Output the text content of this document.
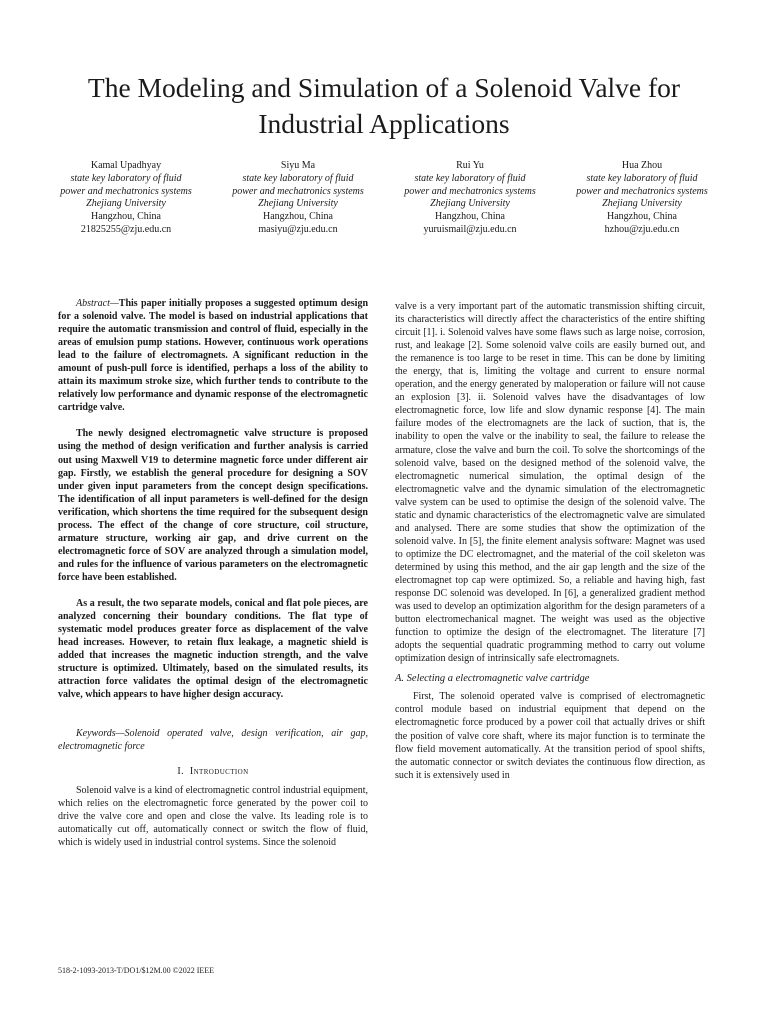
The Modeling and Simulation of a Solenoid Valve for Industrial Applications
Kamal Upadhyay
state key laboratory of fluid
power and mechatronics systems
Zhejiang University
Hangzhou, China
21825255@zju.edu.cn
Siyu Ma
state key laboratory of fluid
power and mechatronics systems
Zhejiang University
Hangzhou, China
masiyu@zju.edu.cn
Rui Yu
state key laboratory of fluid
power and mechatronics systems
Zhejiang University
Hangzhou, China
yuruismail@zju.edu.cn
Hua Zhou
state key laboratory of fluid
power and mechatronics systems
Zhejiang University
Hangzhou, China
hzhou@zju.edu.cn

Abstract—This paper initially proposes a suggested optimum design for a solenoid valve. The model is based on industrial applications that require the automatic transmission and control of fluid, especially in the areas of emulsion pump stations. However, continuous work operations lead to the failure of electromagnets. A significant reduction in the amount of push-pull force is identified, perhaps a loss of the ability to attain its maximum stroke size, which further tends to contribute to the relatively low performance and dynamic response of the electromagnetic cartridge valve.

The newly designed electromagnetic valve structure is proposed using the method of design verification and further analysis is carried out using Maxwell V19 to determine magnetic force under different air gap. Firstly, we establish the general procedure for designing a SOV under given input parameters from the concept design specifications. The identification of all input parameters is well-defined for the design verification, which shortens the time required for the subsequent design process. The effect of the change of core structure, coil structure, armature structure, working air gap, and drive current on the electromagnetic force of SOV are analyzed through a simulation model, and rules for the influence of various parameters on the electromagnetic force have been established.

As a result, the two separate models, conical and flat pole pieces, are analyzed concerning their boundary conditions. The flat type of systematic model produces greater force as displacement of the valve head increases. However, to retain flux leakage, a magnetic shield is added that increases the magnetic induction strength, and the valve structure is optimized. Ultimately, based on the simulated results, its attraction force validates the optimal design of the electromagnetic valve, which appears to have higher design accuracy.

Keywords—Solenoid operated valve, design verification, air gap, electromagnetic force

I. Introduction

Solenoid valve is a kind of electromagnetic control industrial equipment, which relies on the electromagnetic force generated by the power coil to drive the valve core and open and close the valve. Its leading role is to automatically cut off, automatically connect or switch the flow of fluid, which is widely used in industrial control systems. Since the solenoid

valve is a very important part of the automatic transmission shifting circuit, its characteristics will directly affect the characteristics of the entire shifting circuit [1]. i. Solenoid valves have some flaws such as large noise, corrosion, rust, and leakage [2]. Some solenoid valve coils are easily burned out, and the remanence is too large to be reset in time. This can be done by limiting the energy, that is, limiting the voltage and current to ensure normal operation, and the energy generated by maloperation or failure will not cause an explosion [3]. ii. Solenoid valves have the disadvantages of low electromagnetic force, low life and slow dynamic response [4]. The main failure modes of the electromagnets are the lack of suction, that is, the inability to open the valve or the inability to seal, the failure to release the armature, close the valve and burn the coil. To solve the shortcomings of the solenoid valve, based on the designed method of the solenoid valve, the electromagnetic numerical simulation, the optimal design of the electromagnetic valve and the dynamic simulation of the electromagnetic valve system can be used to optimise the design of the solenoid valve. The static and dynamic characteristics of the electromagnetic valve are simulated and analysed. There are some studies that show the optimization of the solenoid valve. In [5], the finite element analysis software: Magnet was used to optimize the DC electromagnet, and the material of the coil skeleton was determined by using this method, and the air gap length and the size of the electromagnet top cap were optimized. So, a reliable and having high, fast response DC solenoid was developed. In [6], a generalized gradient method was used to develop an optimization algorithm for the design parameters of a button electromechanical magnet. The weight was used as the objective function to optimize the design of the electromagnet. The literature [7] adopts the sequential quadratic programming method to carry out volume optimization design of intrinsically safe electromagnets.

A. Selecting a electromagnetic valve cartridge

First, The solenoid operated valve is comprised of electromagnetic control module based on industrial equipment that depend on the electromagnetic force produced by a power coil that actually drives or shift the position of valve core shaft, where its major function is to terminate the flow field movement automatically. At the transition period of spool shifts, the automatic connector or switch deviates the continuous flow direction, as such it is extensively used in

518-2-1093-2013-T/DO1/$12M.00 ©2022 IEEE
